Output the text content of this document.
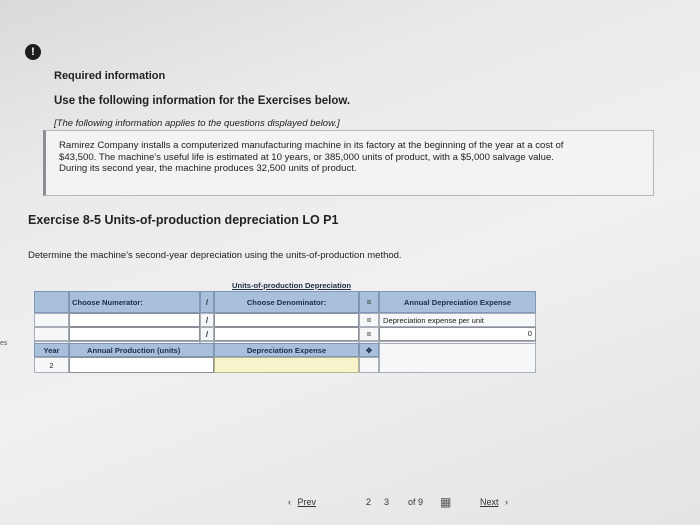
es
!
Required information
Use the following information for the Exercises below.
[The following information applies to the questions displayed below.]

Ramirez Company installs a computerized manufacturing machine in its factory at the beginning of the year at a cost of

$43,500. The machine's useful life is estimated at 10 years, or 385,000 units of product, with a $5,000 salvage value.

During its second year, the machine produces 32,500 units of product.

Exercise 8-5 Units-of-production depreciation LO P1
Determine the machine's second-year depreciation using the units-of-production method.
Units-of-production Depreciation
Choose Numerator:	/	Choose Denominator:	=	Annual Depreciation Expense
/	=	Depreciation expense per unit
/	=	0
Year	Annual Production (units)	Depreciation Expense	✥
2
‹ Prev	2 3 of 9 ▦	Next ›
